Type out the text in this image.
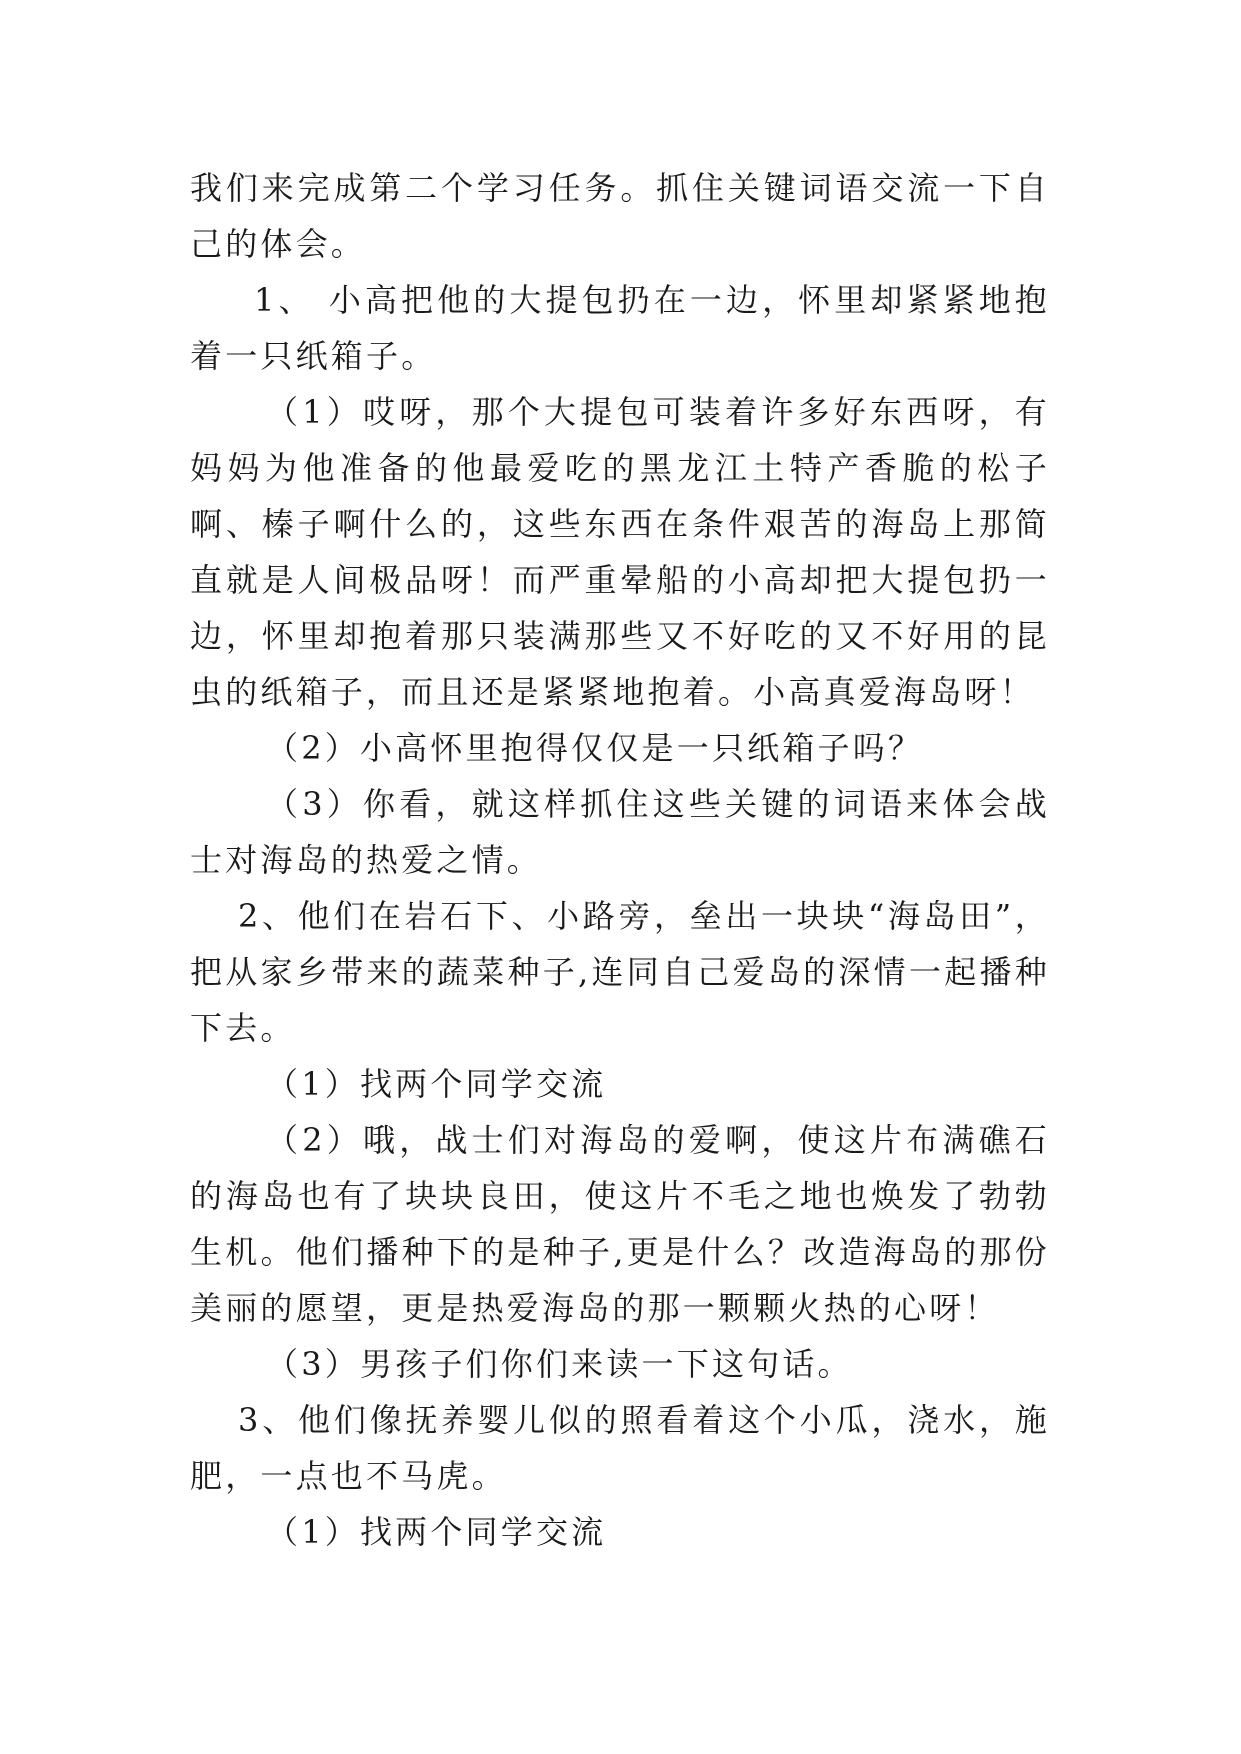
我们来完成第二个学习任务。抓住关键词语交流一下自己的体会。

1、 小高把他的大提包扔在一边，怀里却紧紧地抱着一只纸箱子。

（1）哎呀，那个大提包可装着许多好东西呀，有妈妈为他准备的他最爱吃的黑龙江土特产香脆的松子啊、榛子啊什么的，这些东西在条件艰苦的海岛上那简直就是人间极品呀！而严重晕船的小高却把大提包扔一边，怀里却抱着那只装满那些又不好吃的又不好用的昆虫的纸箱子，而且还是紧紧地抱着。小高真爱海岛呀！

（2）小高怀里抱得仅仅是一只纸箱子吗？

（3）你看，就这样抓住这些关键的词语来体会战士对海岛的热爱之情。

2、他们在岩石下、小路旁，垒出一块块“海岛田”，把从家乡带来的蔬菜种子,连同自己爱岛的深情一起播种下去。

（1）找两个同学交流

（2）哦，战士们对海岛的爱啊，使这片布满礁石的海岛也有了块块良田，使这片不毛之地也焕发了勃勃生机。他们播种下的是种子,更是什么？改造海岛的那份美丽的愿望，更是热爱海岛的那一颗颗火热的心呀！

（3）男孩子们你们来读一下这句话。

3、他们像抚养婴儿似的照看着这个小瓜，浇水，施肥，一点也不马虎。

（1）找两个同学交流
